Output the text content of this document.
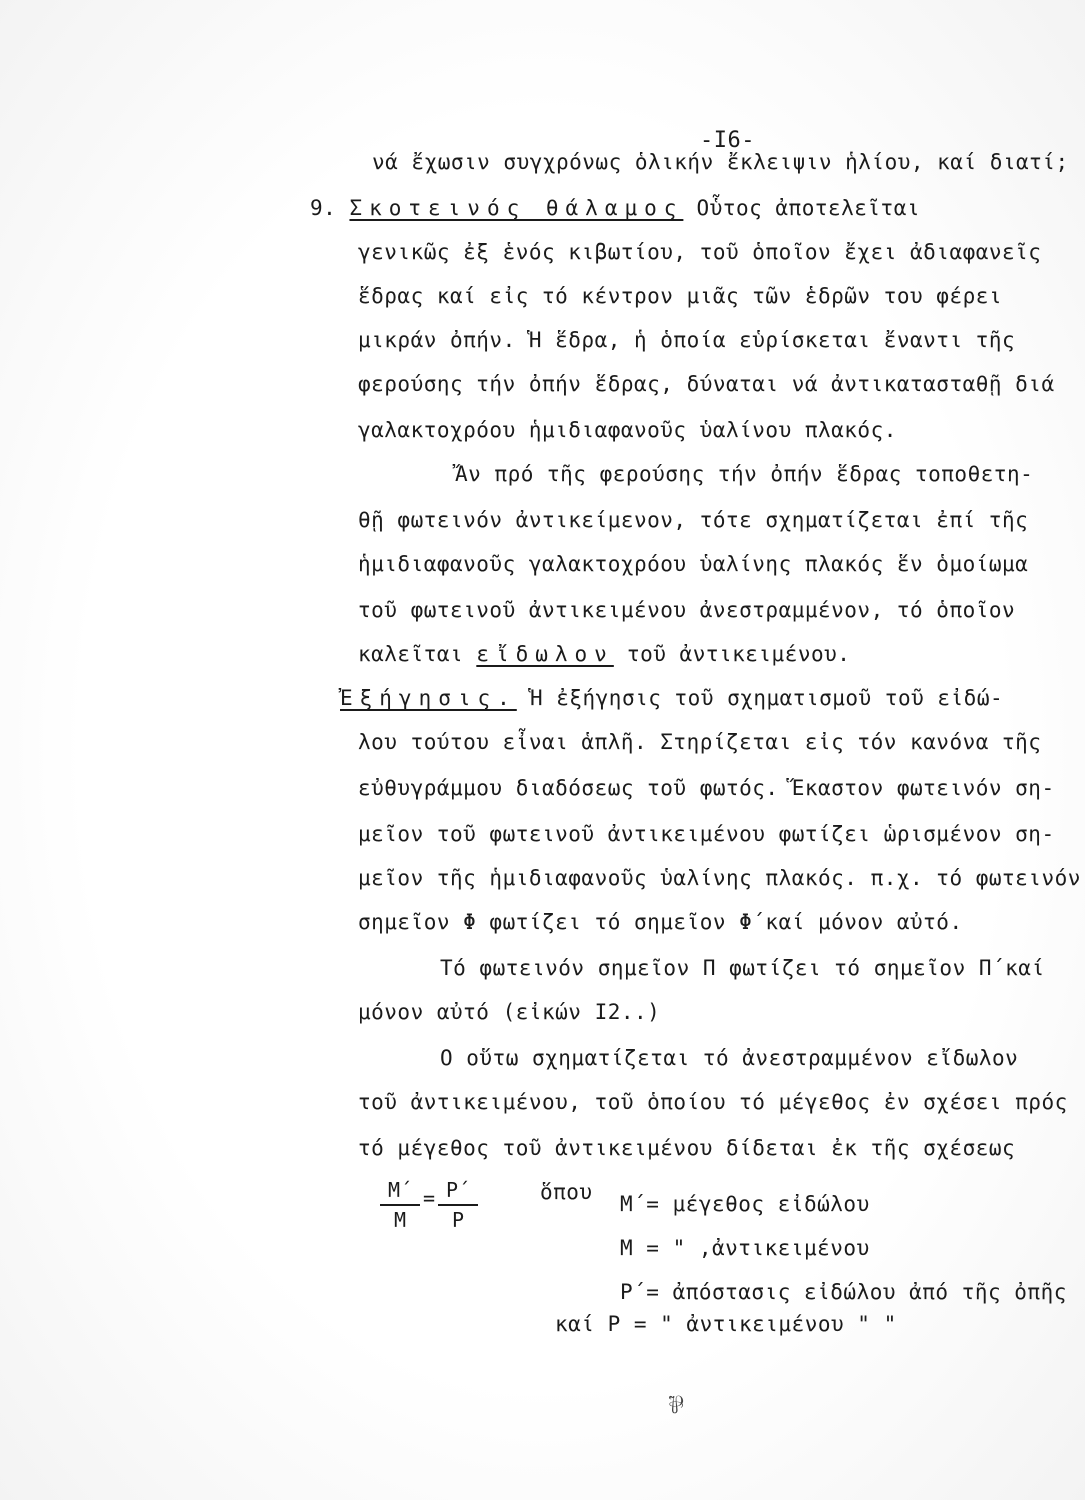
-I6-
νά ἔχωσιν συγχρόνως ὁλικήν ἔκλειψιν ἡλίου, καί διατί;
9. Σκοτεινός θάλαμος Οὗτος ἀποτελεῖται
γενικῶς ἐξ ἑνός κιβωτίου, τοῦ ὁποῖον ἔχει ἀδιαφανεῖς
ἕδρας καί εἰς τό κέντρον μιᾶς τῶν ἑδρῶν του φέρει
μικράν ὀπήν. Ἡ ἕδρα, ἡ ὁποία εὑρίσκεται ἔναντι τῆς
φερούσης τήν ὀπήν ἕδρας, δύναται νά ἀντικατασταθῇ διά
γαλακτοχρόου ἡμιδιαφανοῦς ὑαλίνου πλακός.
Ἄν πρό τῆς φερούσης τήν ὀπήν ἕδρας τοποθετη-
θῇ φωτεινόν ἀντικείμενον, τότε σχηματίζεται ἐπί τῆς
ἡμιδιαφανοῦς γαλακτοχρόου ὑαλίνης πλακός ἕν ὁμοίωμα
τοῦ φωτεινοῦ ἀντικειμένου ἀνεστραμμένον, τό ὁποῖον
καλεῖται εἴδωλον τοῦ ἀντικειμένου.
Ἐξήγησις. Ἡ ἐξήγησις τοῦ σχηματισμοῦ τοῦ εἰδώ-
λου τούτου εἶναι ἁπλῆ. Στηρίζεται εἰς τόν κανόνα τῆς
εὐθυγράμμου διαδόσεως τοῦ φωτός. Ἕκαστον φωτεινόν ση-
μεῖον τοῦ φωτεινοῦ ἀντικειμένου φωτίζει ὡρισμένον ση-
μεῖον τῆς ἡμιδιαφανοῦς ὑαλίνης πλακός. π.χ. τό φωτεινόν
σημεῖον Φ φωτίζει τό σημεῖον Φ΄καί μόνον αὐτό.
Τό φωτεινόν σημεῖον Π φωτίζει τό σημεῖον Π΄καί
μόνον αὐτό (εἰκών I2..)
Ο οὕτω σχηματίζεται τό ἀνεστραμμένον εἴδωλον
τοῦ ἀντικειμένου, τοῦ ὁποίου τό μέγεθος ἐν σχέσει πρός
τό μέγεθος τοῦ ἀντικειμένου δίδεται ἐκ τῆς σχέσεως
Μ΄
Μ
= Ρ΄
Ρ
ὅπου Μ΄= μέγεθος εἰδώλου
Μ = " ,ἀντικειμένου
Ρ΄= ἀπόστασις εἰδώλου ἀπό τῆς ὀπῆς
καί Ρ = " ἀντικειμένου " "
⅌
